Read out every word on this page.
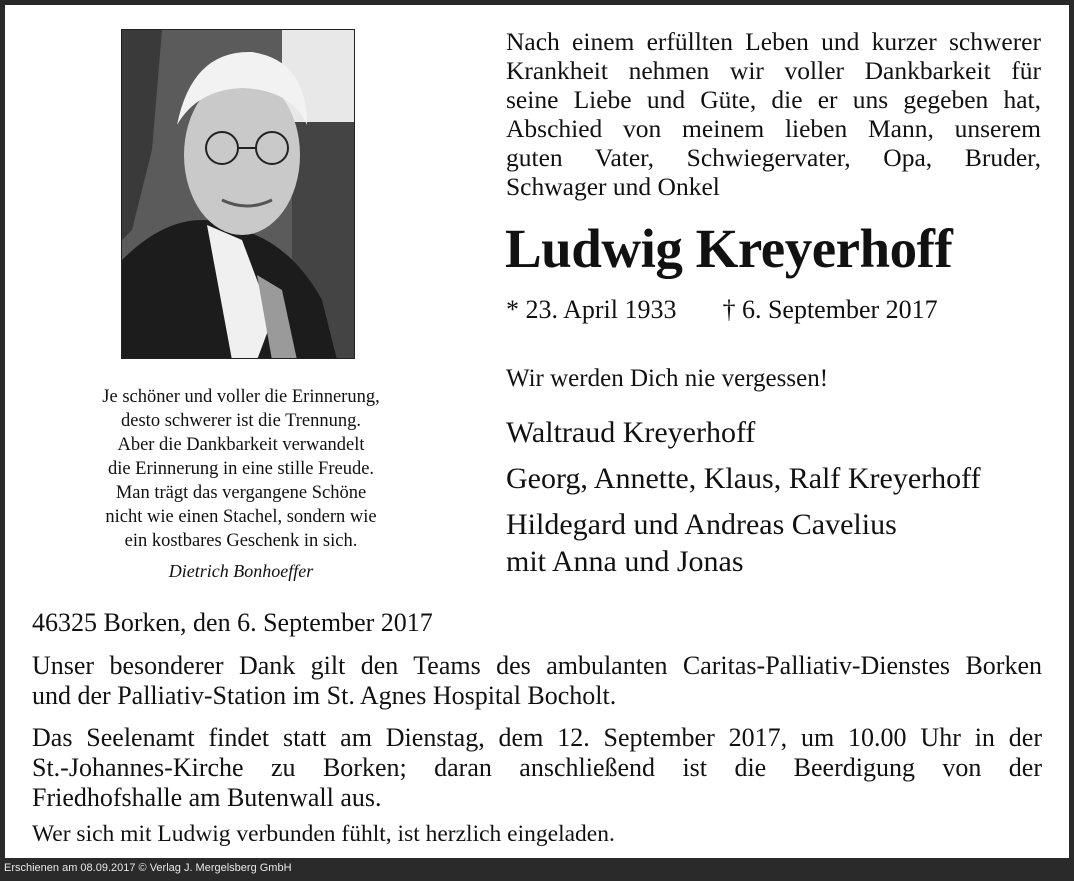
Je schöner und voller die Erinnerung,
desto schwerer ist die Trennung.
Aber die Dankbarkeit verwandelt
die Erinnerung in eine stille Freude.
Man trägt das vergangene Schöne
nicht wie einen Stachel, sondern wie
ein kostbares Geschenk in sich.
Dietrich Bonhoeffer
Nach einem erfüllten Leben und kurzer schwerer
Krankheit nehmen wir voller Dankbarkeit für
seine Liebe und Güte, die er uns gegeben hat,
Abschied von meinem lieben Mann, unserem
guten Vater, Schwiegervater, Opa, Bruder,
Schwager und Onkel
Ludwig Kreyerhoff
* 23. April 1933 † 6. September 2017
Wir werden Dich nie vergessen!
Waltraud Kreyerhoff
Georg, Annette, Klaus, Ralf Kreyerhoff
Hildegard und Andreas Cavelius
mit Anna und Jonas
46325 Borken, den 6. September 2017
Unser besonderer Dank gilt den Teams des ambulanten Caritas-Palliativ-Dienstes Borken
und der Palliativ-Station im St. Agnes Hospital Bocholt.
Das Seelenamt findet statt am Dienstag, dem 12. September 2017, um 10.00 Uhr in der
St.-Johannes-Kirche zu Borken; daran anschließend ist die Beerdigung von der
Friedhofshalle am Butenwall aus.
Wer sich mit Ludwig verbunden fühlt, ist herzlich eingeladen.
Erschienen am 08.09.2017 © Verlag J. Mergelsberg GmbH
